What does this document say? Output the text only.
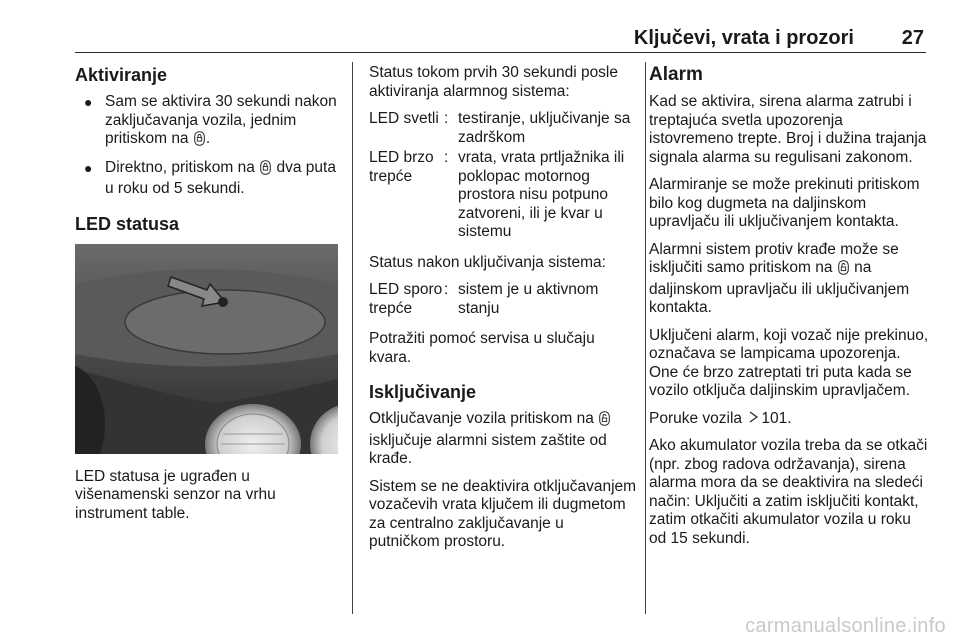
Ključevi, vrata i prozori 27
Aktiviranje
● Sam se aktivira 30 sekundi nakon zaključavanja vozila, jednim pritiskom na .
● Direktno, pritiskom na  dva puta u roku od 5 sekundi.
LED statusa

LED statusa je ugrađen u višenamenski senzor na vrhu instrument table.

Status tokom prvih 30 sekundi posle aktiviranja alarmnog sistema:

LED svetli : testiranje, uključivanje sa zadrškom
LED brzo trepće
: vrata, vrata prtljažnika ili poklopac motornog prostora nisu potpuno zatvoreni, ili je kvar u sistemu

Status nakon uključivanja sistema:

LED sporo trepće
: sistem je u aktivnom stanju

Potražiti pomoć servisa u slučaju kvara.

Isključivanje

Otključavanje vozila pritiskom na  isključuje alarmni sistem zaštite od krađe.

Sistem se ne deaktivira otključavanjem vozačevih vrata ključem ili dugmetom za centralno zaključavanje u putničkom prostoru.

Alarm

Kad se aktivira, sirena alarma zatrubi i treptajuća svetla upozorenja istovremeno trepte. Broj i dužina trajanja signala alarma su regulisani zakonom.

Alarmiranje se može prekinuti pritiskom bilo kog dugmeta na daljinskom upravljaču ili uključivanjem kontakta.

Alarmni sistem protiv krađe može se isključiti samo pritiskom na  na daljinskom upravljaču ili uključivanjem kontakta.

Uključeni alarm, koji vozač nije prekinuo, označava se lampicama upozorenja. One će brzo zatreptati tri puta kada se vozilo otključa daljinskim upravljačem.

Poruke vozila 101.

Ako akumulator vozila treba da se otkači (npr. zbog radova održavanja), sirena alarma mora da se deaktivira na sledeći način: Uključiti a zatim isključiti kontakt, zatim otkačiti akumulator vozila u roku od 15 sekundi.

carmanualsonline.info
